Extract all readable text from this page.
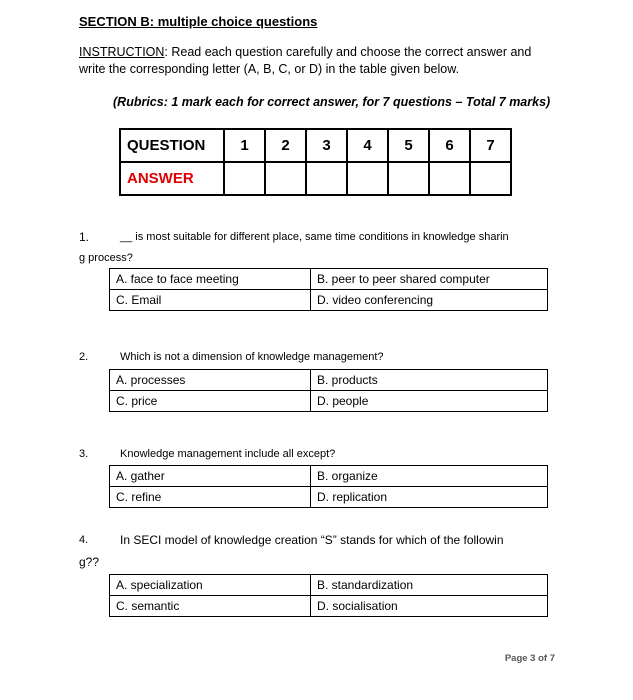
SECTION B: multiple choice questions
INSTRUCTION: Read each question carefully and choose the correct answer and write the corresponding letter (A, B, C, or D) in the table given below.
(Rubrics: 1 mark each for correct answer, for 7 questions – Total 7 marks)
QUESTION	1	2	3	4	5	6	7
ANSWER							
1.	__ is most suitable for different place, same time conditions in knowledge sharin
g process?
A. face to face meeting	B. peer to peer shared computer
C. Email	D. video conferencing
2.	Which is not a dimension of knowledge management?
A. processes	B. products
C. price	D. people
3.	Knowledge management include all except?
A. gather	B. organize
C. refine	D. replication
4.	In SECI model of knowledge creation “S” stands for which of the followin
g??
A. specialization	B. standardization
C. semantic	D. socialisation
Page 3 of 7
